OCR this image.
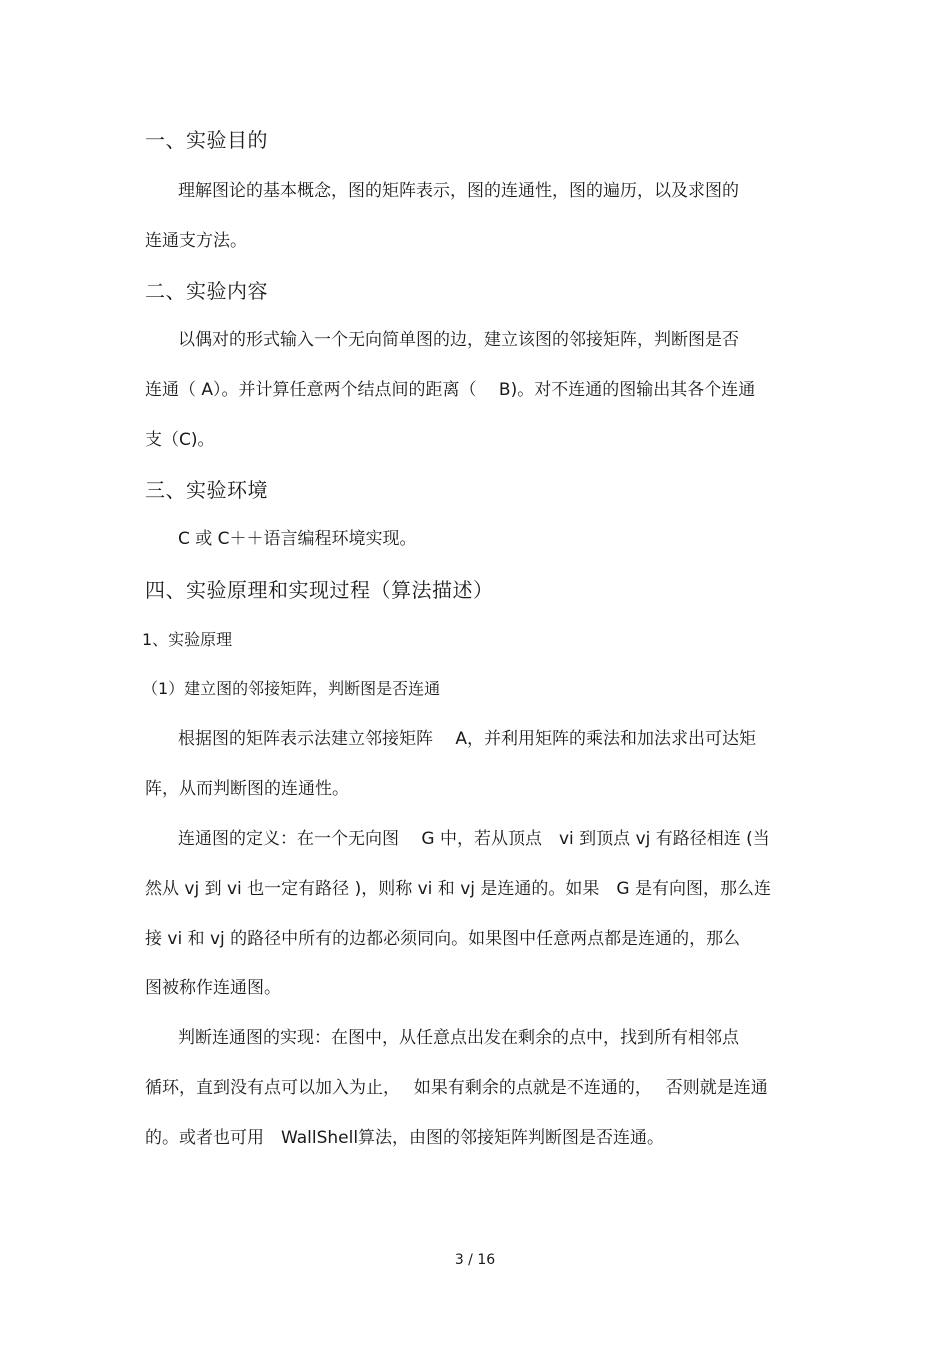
一、实验目的
理解图论的基本概念，图的矩阵表示，图的连通性，图的遍历，以及求图的
连通支方法。
二、实验内容
以偶对的形式输入一个无向简单图的边，建立该图的邻接矩阵，判断图是否
连通（ A）。并计算任意两个结点间的距离（　 B)。对不连通的图输出其各个连通
支（C)。
三、实验环境
C 或 C＋＋语言编程环境实现。
四、实验原理和实现过程（算法描述）
1、实验原理
（1）建立图的邻接矩阵，判断图是否连通
根据图的矩阵表示法建立邻接矩阵　 A，并利用矩阵的乘法和加法求出可达矩
阵，从而判断图的连通性。
连通图的定义：在一个无向图　 G 中，若从顶点　vi 到顶点 vj 有路径相连 (当
然从 vj 到 vi 也一定有路径 )，则称 vi 和 vj 是连通的。如果　G 是有向图，那么连
接 vi 和 vj 的路径中所有的边都必须同向。如果图中任意两点都是连通的，那么
图被称作连通图。
判断连通图的实现：在图中，从任意点出发在剩余的点中，找到所有相邻点
循环，直到没有点可以加入为止，　 如果有剩余的点就是不连通的，　 否则就是连通
的。或者也可用　WallShell算法，由图的邻接矩阵判断图是否连通。
3 / 16
